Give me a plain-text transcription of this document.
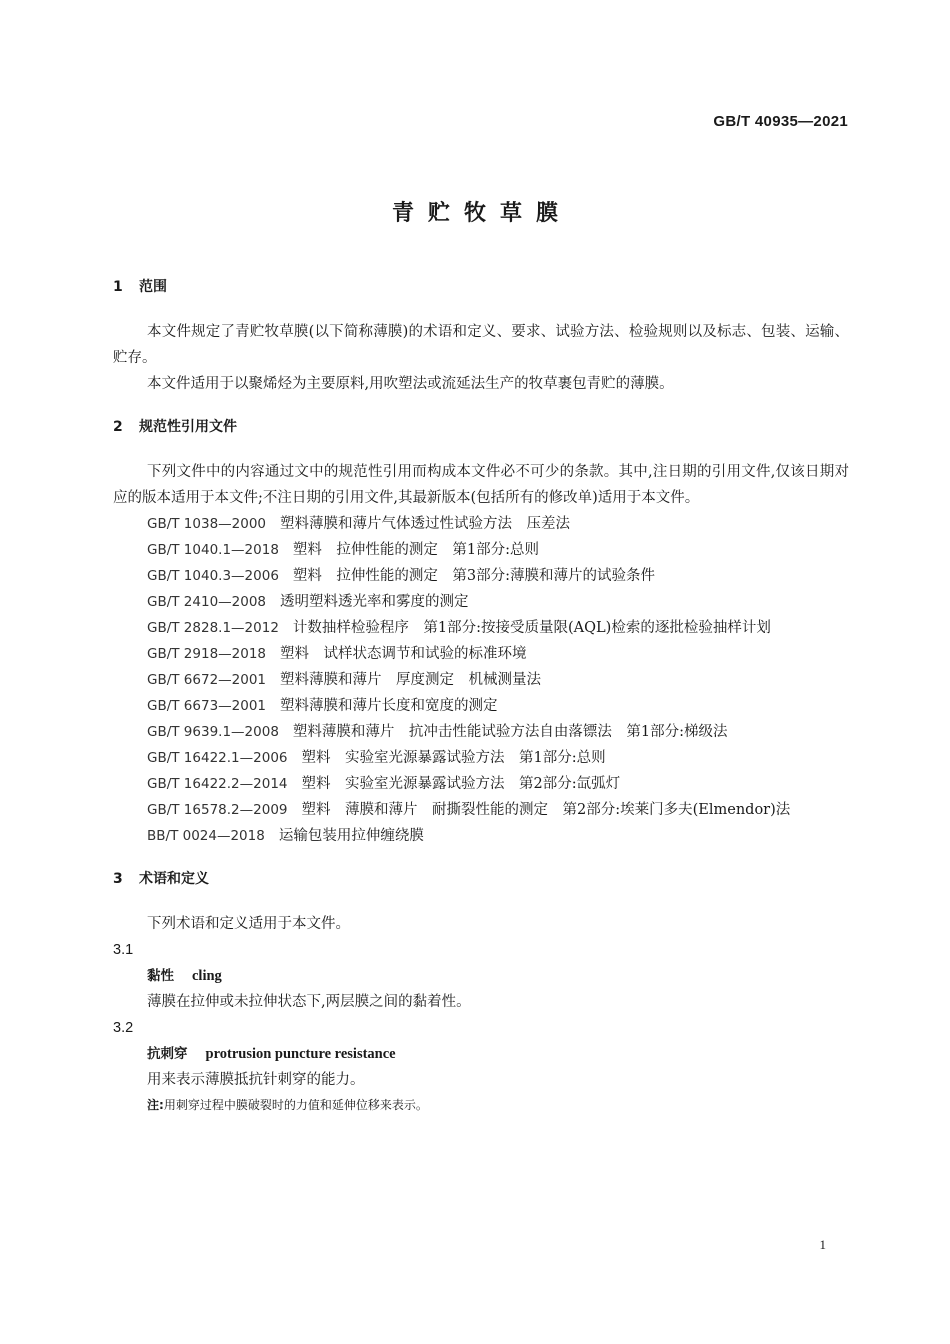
GB/T 40935—2021
青贮牧草膜
1 范围
本文件规定了青贮牧草膜(以下简称薄膜)的术语和定义、要求、试验方法、检验规则以及标志、包装、运输、贮存。
本文件适用于以聚烯烃为主要原料,用吹塑法或流延法生产的牧草裹包青贮的薄膜。
2 规范性引用文件
下列文件中的内容通过文中的规范性引用而构成本文件必不可少的条款。其中,注日期的引用文件,仅该日期对应的版本适用于本文件;不注日期的引用文件,其最新版本(包括所有的修改单)适用于本文件。
GB/T 1038—2000 塑料薄膜和薄片气体透过性试验方法　压差法
GB/T 1040.1—2018 塑料　拉伸性能的测定　第1部分:总则
GB/T 1040.3—2006 塑料　拉伸性能的测定　第3部分:薄膜和薄片的试验条件
GB/T 2410—2008 透明塑料透光率和雾度的测定
GB/T 2828.1—2012 计数抽样检验程序　第1部分:按接受质量限(AQL)检索的逐批检验抽样计划
GB/T 2918—2018 塑料　试样状态调节和试验的标准环境
GB/T 6672—2001 塑料薄膜和薄片　厚度测定　机械测量法
GB/T 6673—2001 塑料薄膜和薄片长度和宽度的测定
GB/T 9639.1—2008 塑料薄膜和薄片　抗冲击性能试验方法自由落镖法　第1部分:梯级法
GB/T 16422.1—2006 塑料　实验室光源暴露试验方法　第1部分:总则
GB/T 16422.2—2014 塑料　实验室光源暴露试验方法　第2部分:氙弧灯
GB/T 16578.2—2009 塑料　薄膜和薄片　耐撕裂性能的测定　第2部分:埃莱门多夫(Elmendor)法
BB/T 0024—2018 运输包装用拉伸缠绕膜
3 术语和定义
下列术语和定义适用于本文件。
3.1
黏性 cling
薄膜在拉伸或未拉伸状态下,两层膜之间的黏着性。
3.2
抗刺穿 protrusion puncture resistance
用来表示薄膜抵抗针刺穿的能力。
注:用刺穿过程中膜破裂时的力值和延伸位移来表示。
1
